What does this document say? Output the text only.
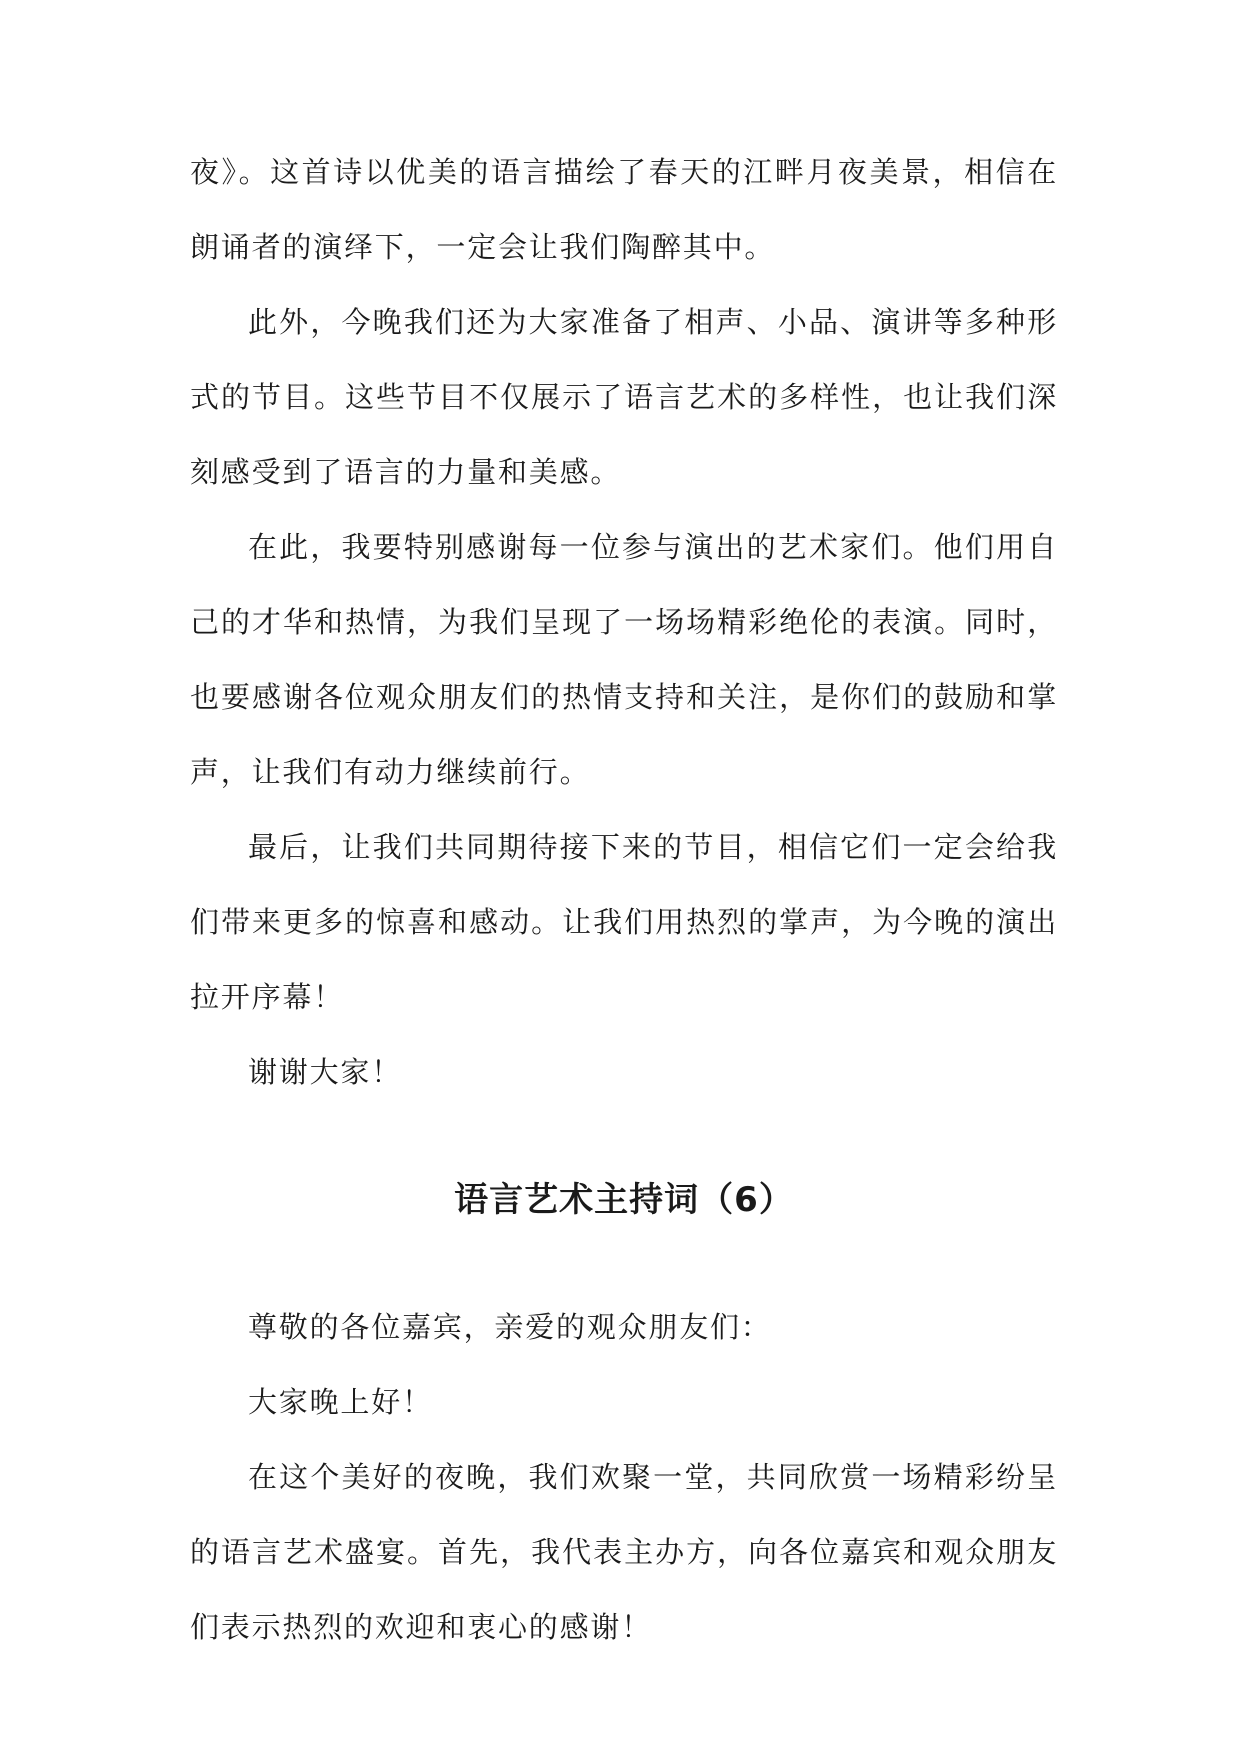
夜》。这首诗以优美的语言描绘了春天的江畔月夜美景，相信在朗诵者的演绎下，一定会让我们陶醉其中。

此外，今晚我们还为大家准备了相声、小品、演讲等多种形式的节目。这些节目不仅展示了语言艺术的多样性，也让我们深刻感受到了语言的力量和美感。

在此，我要特别感谢每一位参与演出的艺术家们。他们用自己的才华和热情，为我们呈现了一场场精彩绝伦的表演。同时，也要感谢各位观众朋友们的热情支持和关注，是你们的鼓励和掌声，让我们有动力继续前行。

最后，让我们共同期待接下来的节目，相信它们一定会给我们带来更多的惊喜和感动。让我们用热烈的掌声，为今晚的演出拉开序幕！

谢谢大家！

语言艺术主持词（6）

尊敬的各位嘉宾，亲爱的观众朋友们：

大家晚上好！

在这个美好的夜晚，我们欢聚一堂，共同欣赏一场精彩纷呈的语言艺术盛宴。首先，我代表主办方，向各位嘉宾和观众朋友们表示热烈的欢迎和衷心的感谢！
